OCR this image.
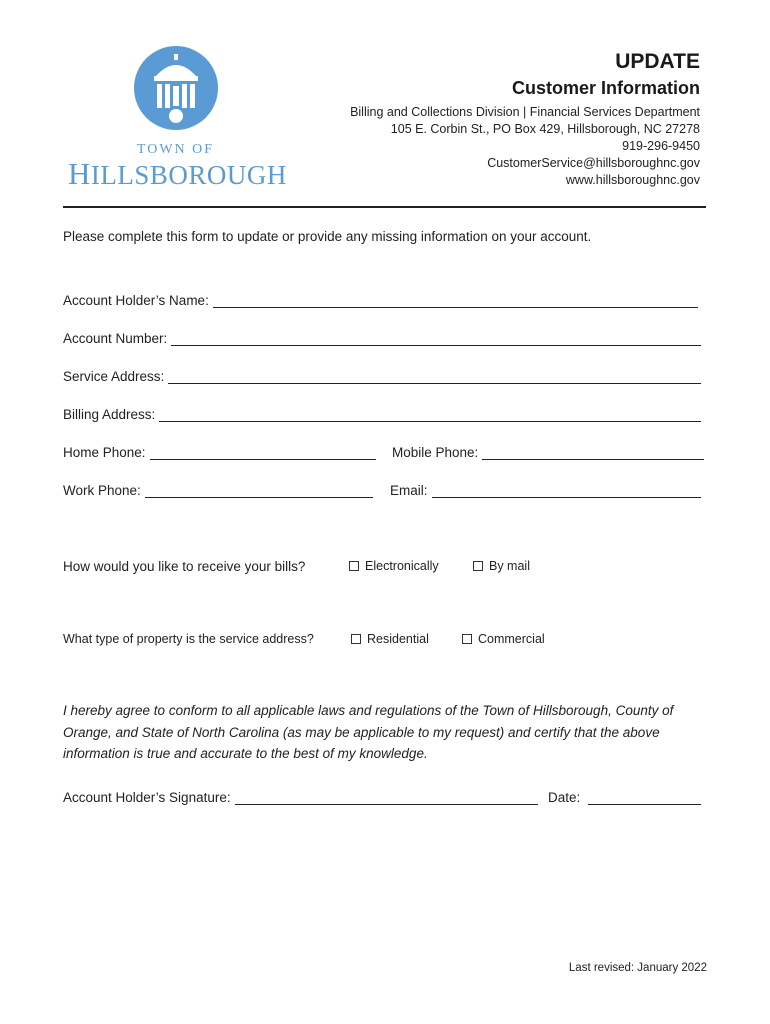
TOWN OF
HILLSBOROUGH
UPDATE
Customer Information
Billing and Collections Division | Financial Services Department
105 E. Corbin St., PO Box 429, Hillsborough, NC 27278
919-296-9450
CustomerService@hillsboroughnc.gov
www.hillsboroughnc.gov
Please complete this form to update or provide any missing information on your account.
Account Holder’s Name:
Account Number:
Service Address:
Billing Address:
Home Phone:	Mobile Phone:
Work Phone:	Email:
How would you like to receive your bills?	Electronically	By mail
What type of property is the service address?	Residential	Commercial
I hereby agree to conform to all applicable laws and regulations of the Town of Hillsborough, County of Orange, and State of North Carolina (as may be applicable to my request) and certify that the above information is true and accurate to the best of my knowledge.
Account Holder’s Signature:	Date:
Last revised: January 2022
